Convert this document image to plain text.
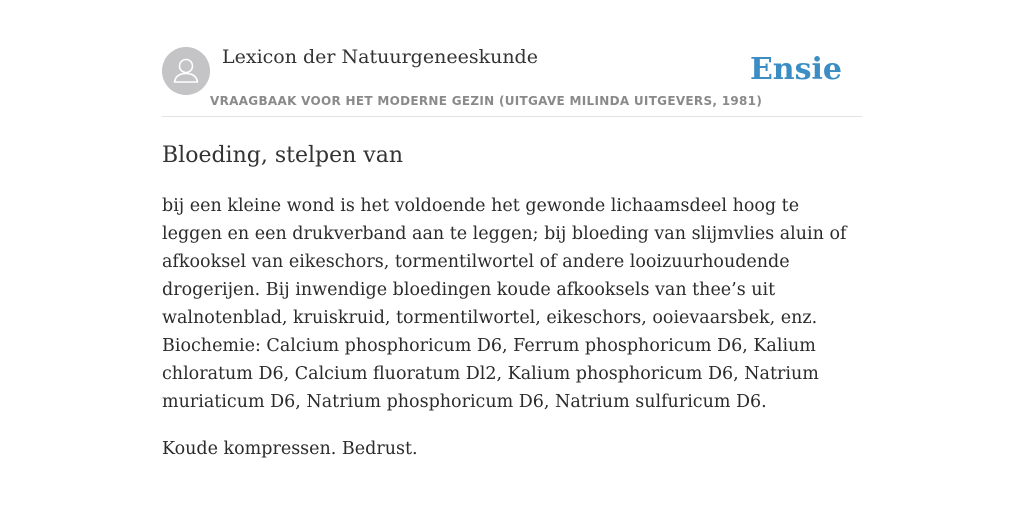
Lexicon der Natuurgeneeskunde
VRAAGBAAK VOOR HET MODERNE GEZIN (UITGAVE MILINDA UITGEVERS, 1981)
Ensie
Bloeding, stelpen van

bij een kleine wond is het voldoende het gewonde lichaamsdeel hoog te leggen en een drukverband aan te leggen; bij bloeding van slijmvlies aluin of afkooksel van eikeschors, tormentilwortel of andere looizuurhoudende drogerijen. Bij inwendige bloedingen koude afkooksels van thee’s uit walnotenblad, kruiskruid, tormentilwortel, eikeschors, ooievaarsbek, enz. Biochemie: Calcium phosphoricum D6, Ferrum phosphoricum D6, Kalium chloratum D6, Calcium fluoratum Dl2, Kalium phosphoricum D6, Natrium muriaticum D6, Natrium phosphoricum D6, Natrium sulfuricum D6.

Koude kompressen. Bedrust.
